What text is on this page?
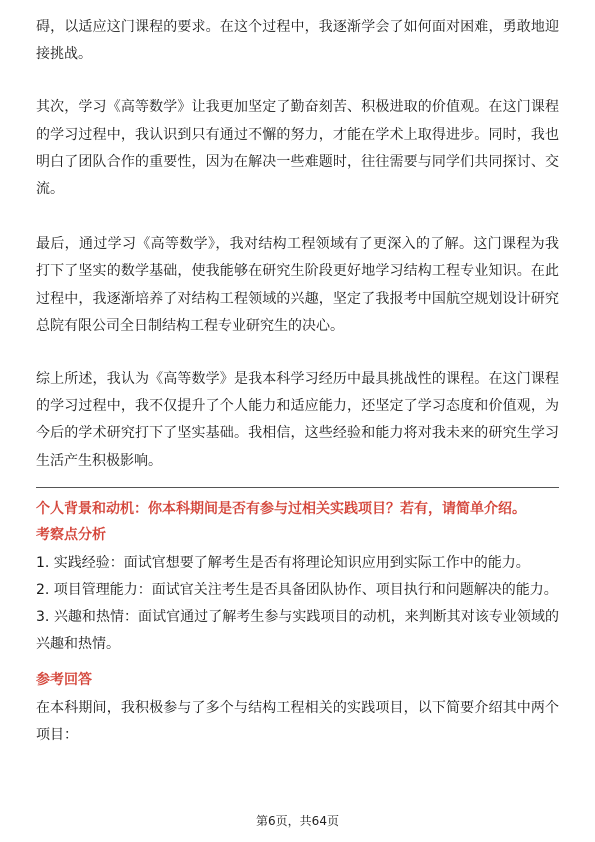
碍，以适应这门课程的要求。在这个过程中，我逐渐学会了如何面对困难，勇敢地迎接挑战。

其次，学习《高等数学》让我更加坚定了勤奋刻苦、积极进取的价值观。在这门课程的学习过程中，我认识到只有通过不懈的努力，才能在学术上取得进步。同时，我也明白了团队合作的重要性，因为在解决一些难题时，往往需要与同学们共同探讨、交流。

最后，通过学习《高等数学》，我对结构工程领域有了更深入的了解。这门课程为我打下了坚实的数学基础，使我能够在研究生阶段更好地学习结构工程专业知识。在此过程中，我逐渐培养了对结构工程领域的兴趣，坚定了我报考中国航空规划设计研究总院有限公司全日制结构工程专业研究生的决心。

综上所述，我认为《高等数学》是我本科学习经历中最具挑战性的课程。在这门课程的学习过程中，我不仅提升了个人能力和适应能力，还坚定了学习态度和价值观，为今后的学术研究打下了坚实基础。我相信，这些经验和能力将对我未来的研究生学习生活产生积极影响。

个人背景和动机：你本科期间是否有参与过相关实践项目？若有，请简单介绍。

考察点分析

1. 实践经验：面试官想要了解考生是否有将理论知识应用到实际工作中的能力。

2. 项目管理能力：面试官关注考生是否具备团队协作、项目执行和问题解决的能力。

3. 兴趣和热情：面试官通过了解考生参与实践项目的动机，来判断其对该专业领域的兴趣和热情。

参考回答

在本科期间，我积极参与了多个与结构工程相关的实践项目，以下简要介绍其中两个项目：

第6页，共64页
